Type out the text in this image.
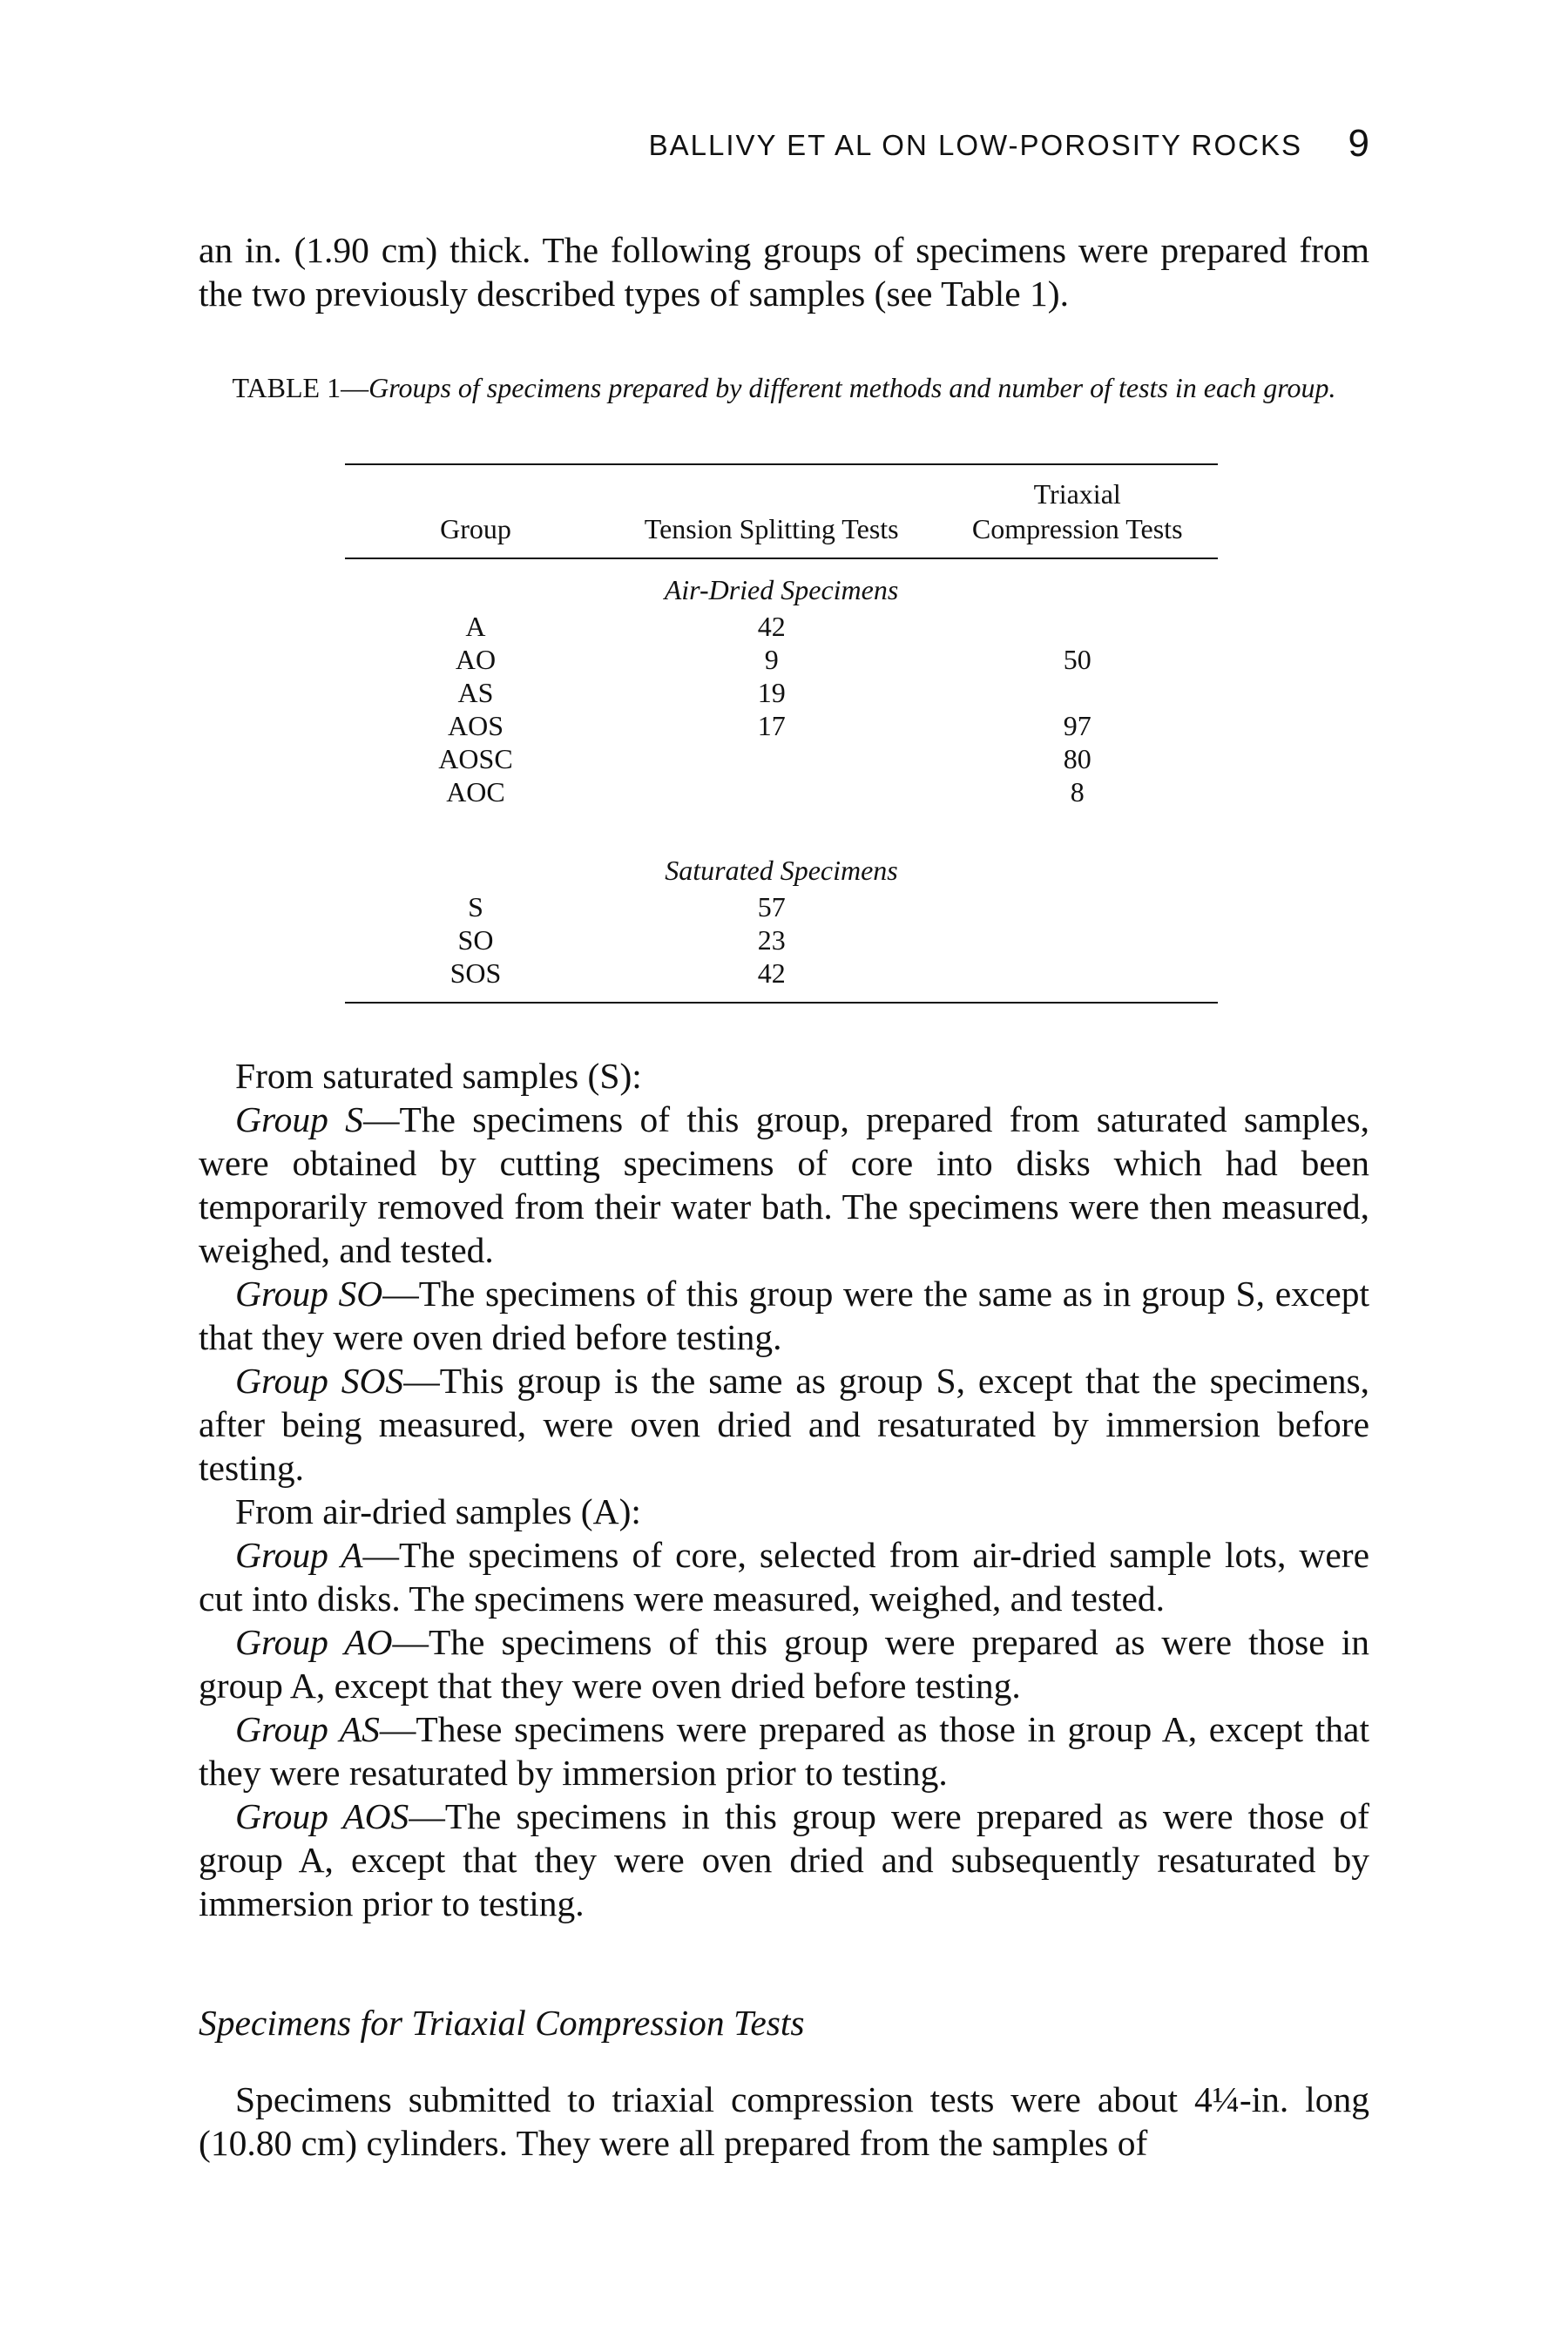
BALLIVY ET AL ON LOW-POROSITY ROCKS 9

an in. (1.90 cm) thick. The following groups of specimens were prepared from the two previously described types of samples (see Table 1).

TABLE 1—Groups of specimens prepared by different methods and number of tests in each group.
		Triaxial
Group	Tension Splitting Tests	Compression Tests
Air-Dried Specimens		
A	42	
AO	9	50
AS	19	
AOS	17	97
AOSC		80
AOC		8

Saturated Specimens		
S	57	
SO	23	
SOS	42	

From saturated samples (S):

Group S—The specimens of this group, prepared from saturated samples, were obtained by cutting specimens of core into disks which had been temporarily removed from their water bath. The specimens were then measured, weighed, and tested.

Group SO—The specimens of this group were the same as in group S, except that they were oven dried before testing.

Group SOS—This group is the same as group S, except that the specimens, after being measured, were oven dried and resaturated by immersion before testing.

From air-dried samples (A):

Group A—The specimens of core, selected from air-dried sample lots, were cut into disks. The specimens were measured, weighed, and tested.

Group AO—The specimens of this group were prepared as were those in group A, except that they were oven dried before testing.

Group AS—These specimens were prepared as those in group A, except that they were resaturated by immersion prior to testing.

Group AOS—The specimens in this group were prepared as were those of group A, except that they were oven dried and subsequently resaturated by immersion prior to testing.

Specimens for Triaxial Compression Tests

Specimens submitted to triaxial compression tests were about 4¼-in. long (10.80 cm) cylinders. They were all prepared from the samples of
